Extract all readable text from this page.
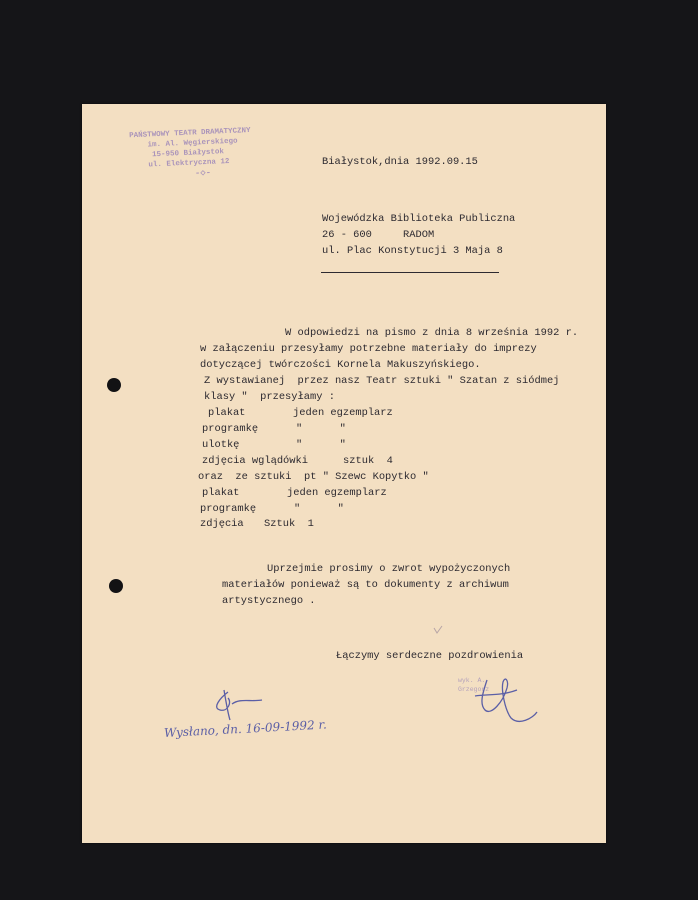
PAŃSTWOWY TEATR DRAMATYCZNY
im. Al. Węgierskiego
15-950 Białystok
ul. Elektryczna 12
-◇-
Białystok,dnia 1992.09.15
Wojewódzka Biblioteka Publiczna
26 - 600     RADOM
ul. Plac Konstytucji 3 Maja 8
W odpowiedzi na pismo z dnia 8 września 1992 r.
w załączeniu przesyłamy potrzebne materiały do imprezy
dotyczącej twórczości Kornela Makuszyńskiego.
Z wystawianej  przez nasz Teatr sztuki " Szatan z siódmej
klasy "  przesyłamy :
plakat	jeden egzemplarz
programkę	"      "
ulotkę	"      "
zdjęcia wglądówki	sztuk  4
oraz  ze sztuki  pt " Szewc Kopytko "
plakat	jeden egzemplarz
programkę	"      "
zdjęcia Sztuk  1
Uprzejmie prosimy o zwrot wypożyczonych
materiałów ponieważ są to dokumenty z archiwum
artystycznego .
Łączymy serdeczne pozdrowienia
wyk. A.
Grzegorz
Wysłano, dn. 16-09-1992 r.
